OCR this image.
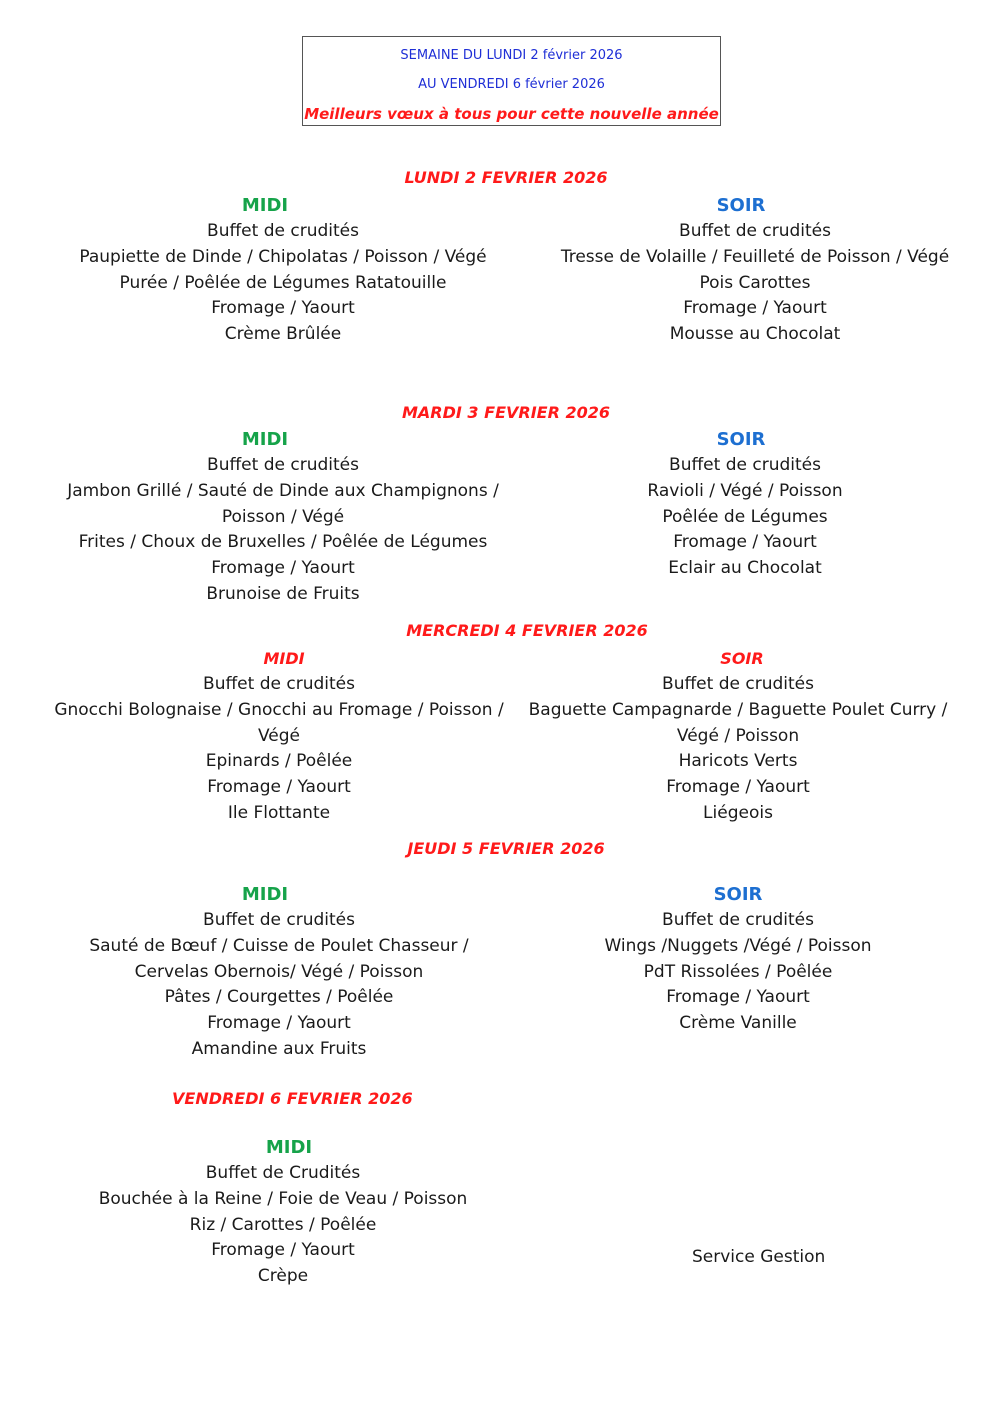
SEMAINE DU LUNDI 2 février 2026
AU VENDREDI 6 février 2026
Meilleurs vœux à tous pour cette nouvelle année
LUNDI 2 FEVRIER 2026
MIDI
Buffet de crudités
Paupiette de Dinde / Chipolatas / Poisson / Végé
Purée / Poêlée de Légumes Ratatouille
Fromage / Yaourt
Crème Brûlée
SOIR
Buffet de crudités
Tresse de Volaille / Feuilleté de Poisson / Végé
Pois Carottes
Fromage / Yaourt
Mousse au Chocolat
MARDI 3 FEVRIER 2026
MIDI
Buffet de crudités
Jambon Grillé / Sauté de Dinde aux Champignons /
Poisson / Végé
Frites / Choux de Bruxelles / Poêlée de Légumes
Fromage / Yaourt
Brunoise de Fruits
SOIR
Buffet de crudités
Ravioli / Végé / Poisson
Poêlée de Légumes
Fromage / Yaourt
Eclair au Chocolat
MERCREDI 4 FEVRIER 2026
MIDI
Buffet de crudités
Gnocchi Bolognaise / Gnocchi au Fromage / Poisson /
Végé
Epinards / Poêlée
Fromage / Yaourt
Ile Flottante
SOIR
Buffet de crudités
Baguette Campagnarde / Baguette Poulet Curry /
Végé / Poisson
Haricots Verts
Fromage / Yaourt
Liégeois
JEUDI 5 FEVRIER 2026
MIDI
Buffet de crudités
Sauté de Bœuf / Cuisse de Poulet Chasseur /
Cervelas Obernois/ Végé / Poisson
Pâtes / Courgettes / Poêlée
Fromage / Yaourt
Amandine aux Fruits
SOIR
Buffet de crudités
Wings /Nuggets /Végé / Poisson
PdT Rissolées / Poêlée
Fromage / Yaourt
Crème Vanille
VENDREDI 6 FEVRIER 2026
MIDI
Buffet de Crudités
Bouchée à la Reine / Foie de Veau / Poisson
Riz / Carottes / Poêlée
Fromage / Yaourt
Crèpe
Service Gestion
